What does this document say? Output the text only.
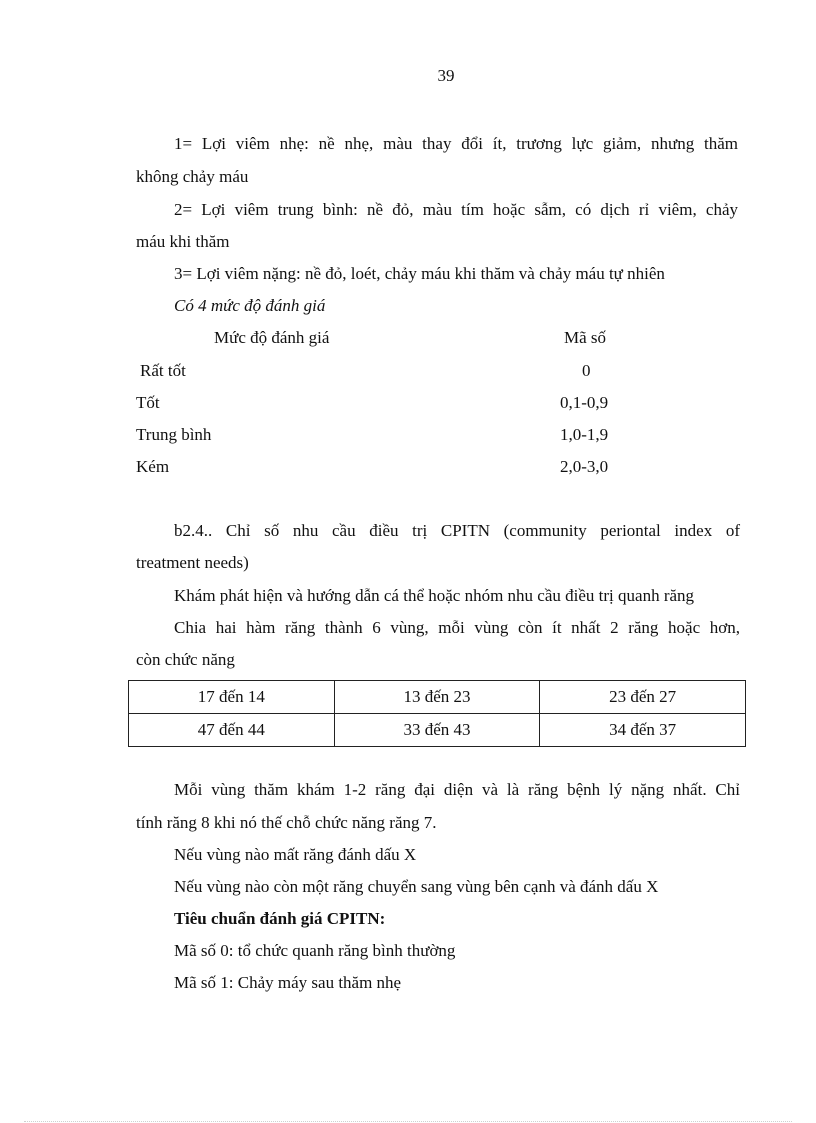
39
1= Lợi viêm nhẹ: nề nhẹ, màu thay đổi ít, trương lực giảm, nhưng thăm
không chảy máu
2= Lợi viêm trung bình: nề đỏ, màu tím hoặc sẫm, có dịch rỉ viêm, chảy
máu khi thăm
3= Lợi viêm nặng: nề đỏ, loét, chảy máu khi thăm và chảy máu tự nhiên
Có 4 mức độ đánh giá
Mức độ đánh giá	Mã số
Rất tốt	0
Tốt	0,1-0,9
Trung bình	1,0-1,9
Kém	2,0-3,0
b2.4.. Chỉ số nhu cầu điều trị CPITN (community periontal index of
treatment needs)
Khám phát hiện và hướng dẫn cá thể hoặc nhóm nhu cầu điều trị quanh răng
Chia hai hàm răng thành 6 vùng, mỗi vùng còn ít nhất 2 răng hoặc hơn,
còn chức năng
17 đến 14	13 đến 23	23 đến 27
47 đến 44	33 đến 43	34 đến 37
Mỗi vùng thăm khám 1-2 răng đại diện và là răng bệnh lý nặng nhất. Chỉ
tính răng 8 khi nó thế chỗ chức năng răng 7.
Nếu vùng nào mất răng đánh dấu X
Nếu vùng nào còn một răng chuyển sang vùng bên cạnh và đánh dấu X
Tiêu chuẩn đánh giá CPITN:
Mã số 0: tổ chức quanh răng bình thường
Mã số 1: Chảy máy sau thăm nhẹ
